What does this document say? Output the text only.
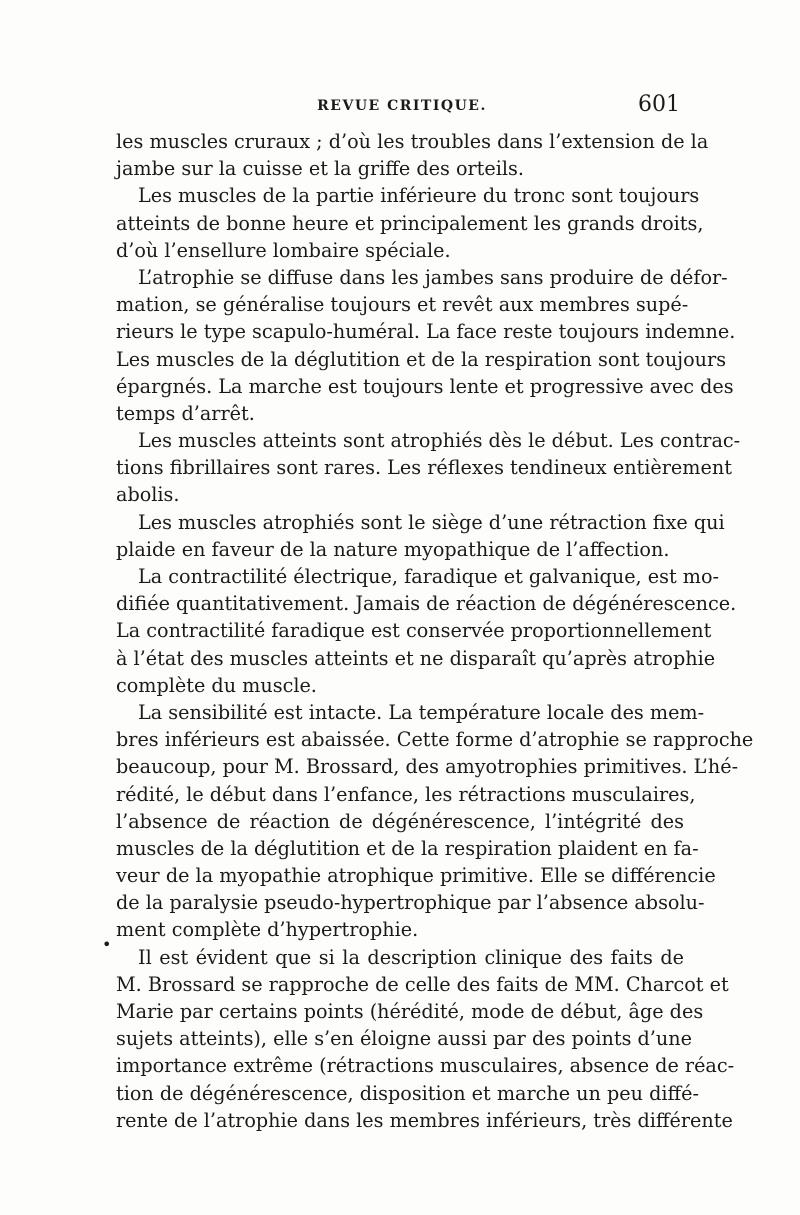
REVUE CRITIQUE.	601
•
les muscles cruraux ; d’où les troubles dans l’extension de la
jambe sur la cuisse et la griffe des orteils.
Les muscles de la partie inférieure du tronc sont toujours
atteints de bonne heure et principalement les grands droits,
d’où l’ensellure lombaire spéciale.
L’atrophie se diffuse dans les jambes sans produire de défor-
mation, se généralise toujours et revêt aux membres supé-
rieurs le type scapulo-huméral. La face reste toujours indemne.
Les muscles de la déglutition et de la respiration sont toujours
épargnés. La marche est toujours lente et progressive avec des
temps d’arrêt.
Les muscles atteints sont atrophiés dès le début. Les contrac-
tions fibrillaires sont rares. Les réflexes tendineux entièrement
abolis.
Les muscles atrophiés sont le siège d’une rétraction fixe qui
plaide en faveur de la nature myopathique de l’affection.
La contractilité électrique, faradique et galvanique, est mo-
difiée quantitativement. Jamais de réaction de dégénérescence.
La contractilité faradique est conservée proportionnellement
à l’état des muscles atteints et ne disparaît qu’après atrophie
complète du muscle.
La sensibilité est intacte. La température locale des mem-
bres inférieurs est abaissée. Cette forme d’atrophie se rapproche
beaucoup, pour M. Brossard, des amyotrophies primitives. L’hé-
rédité, le début dans l’enfance, les rétractions musculaires,
l’absence de réaction de dégénérescence, l’intégrité des
muscles de la déglutition et de la respiration plaident en fa-
veur de la myopathie atrophique primitive. Elle se différencie
de la paralysie pseudo-hypertrophique par l’absence absolu-
ment complète d’hypertrophie.
Il est évident que si la description clinique des faits de
M. Brossard se rapproche de celle des faits de MM. Charcot et
Marie par certains points (hérédité, mode de début, âge des
sujets atteints), elle s’en éloigne aussi par des points d’une
importance extrême (rétractions musculaires, absence de réac-
tion de dégénérescence, disposition et marche un peu diffé-
rente de l’atrophie dans les membres inférieurs, très différente
